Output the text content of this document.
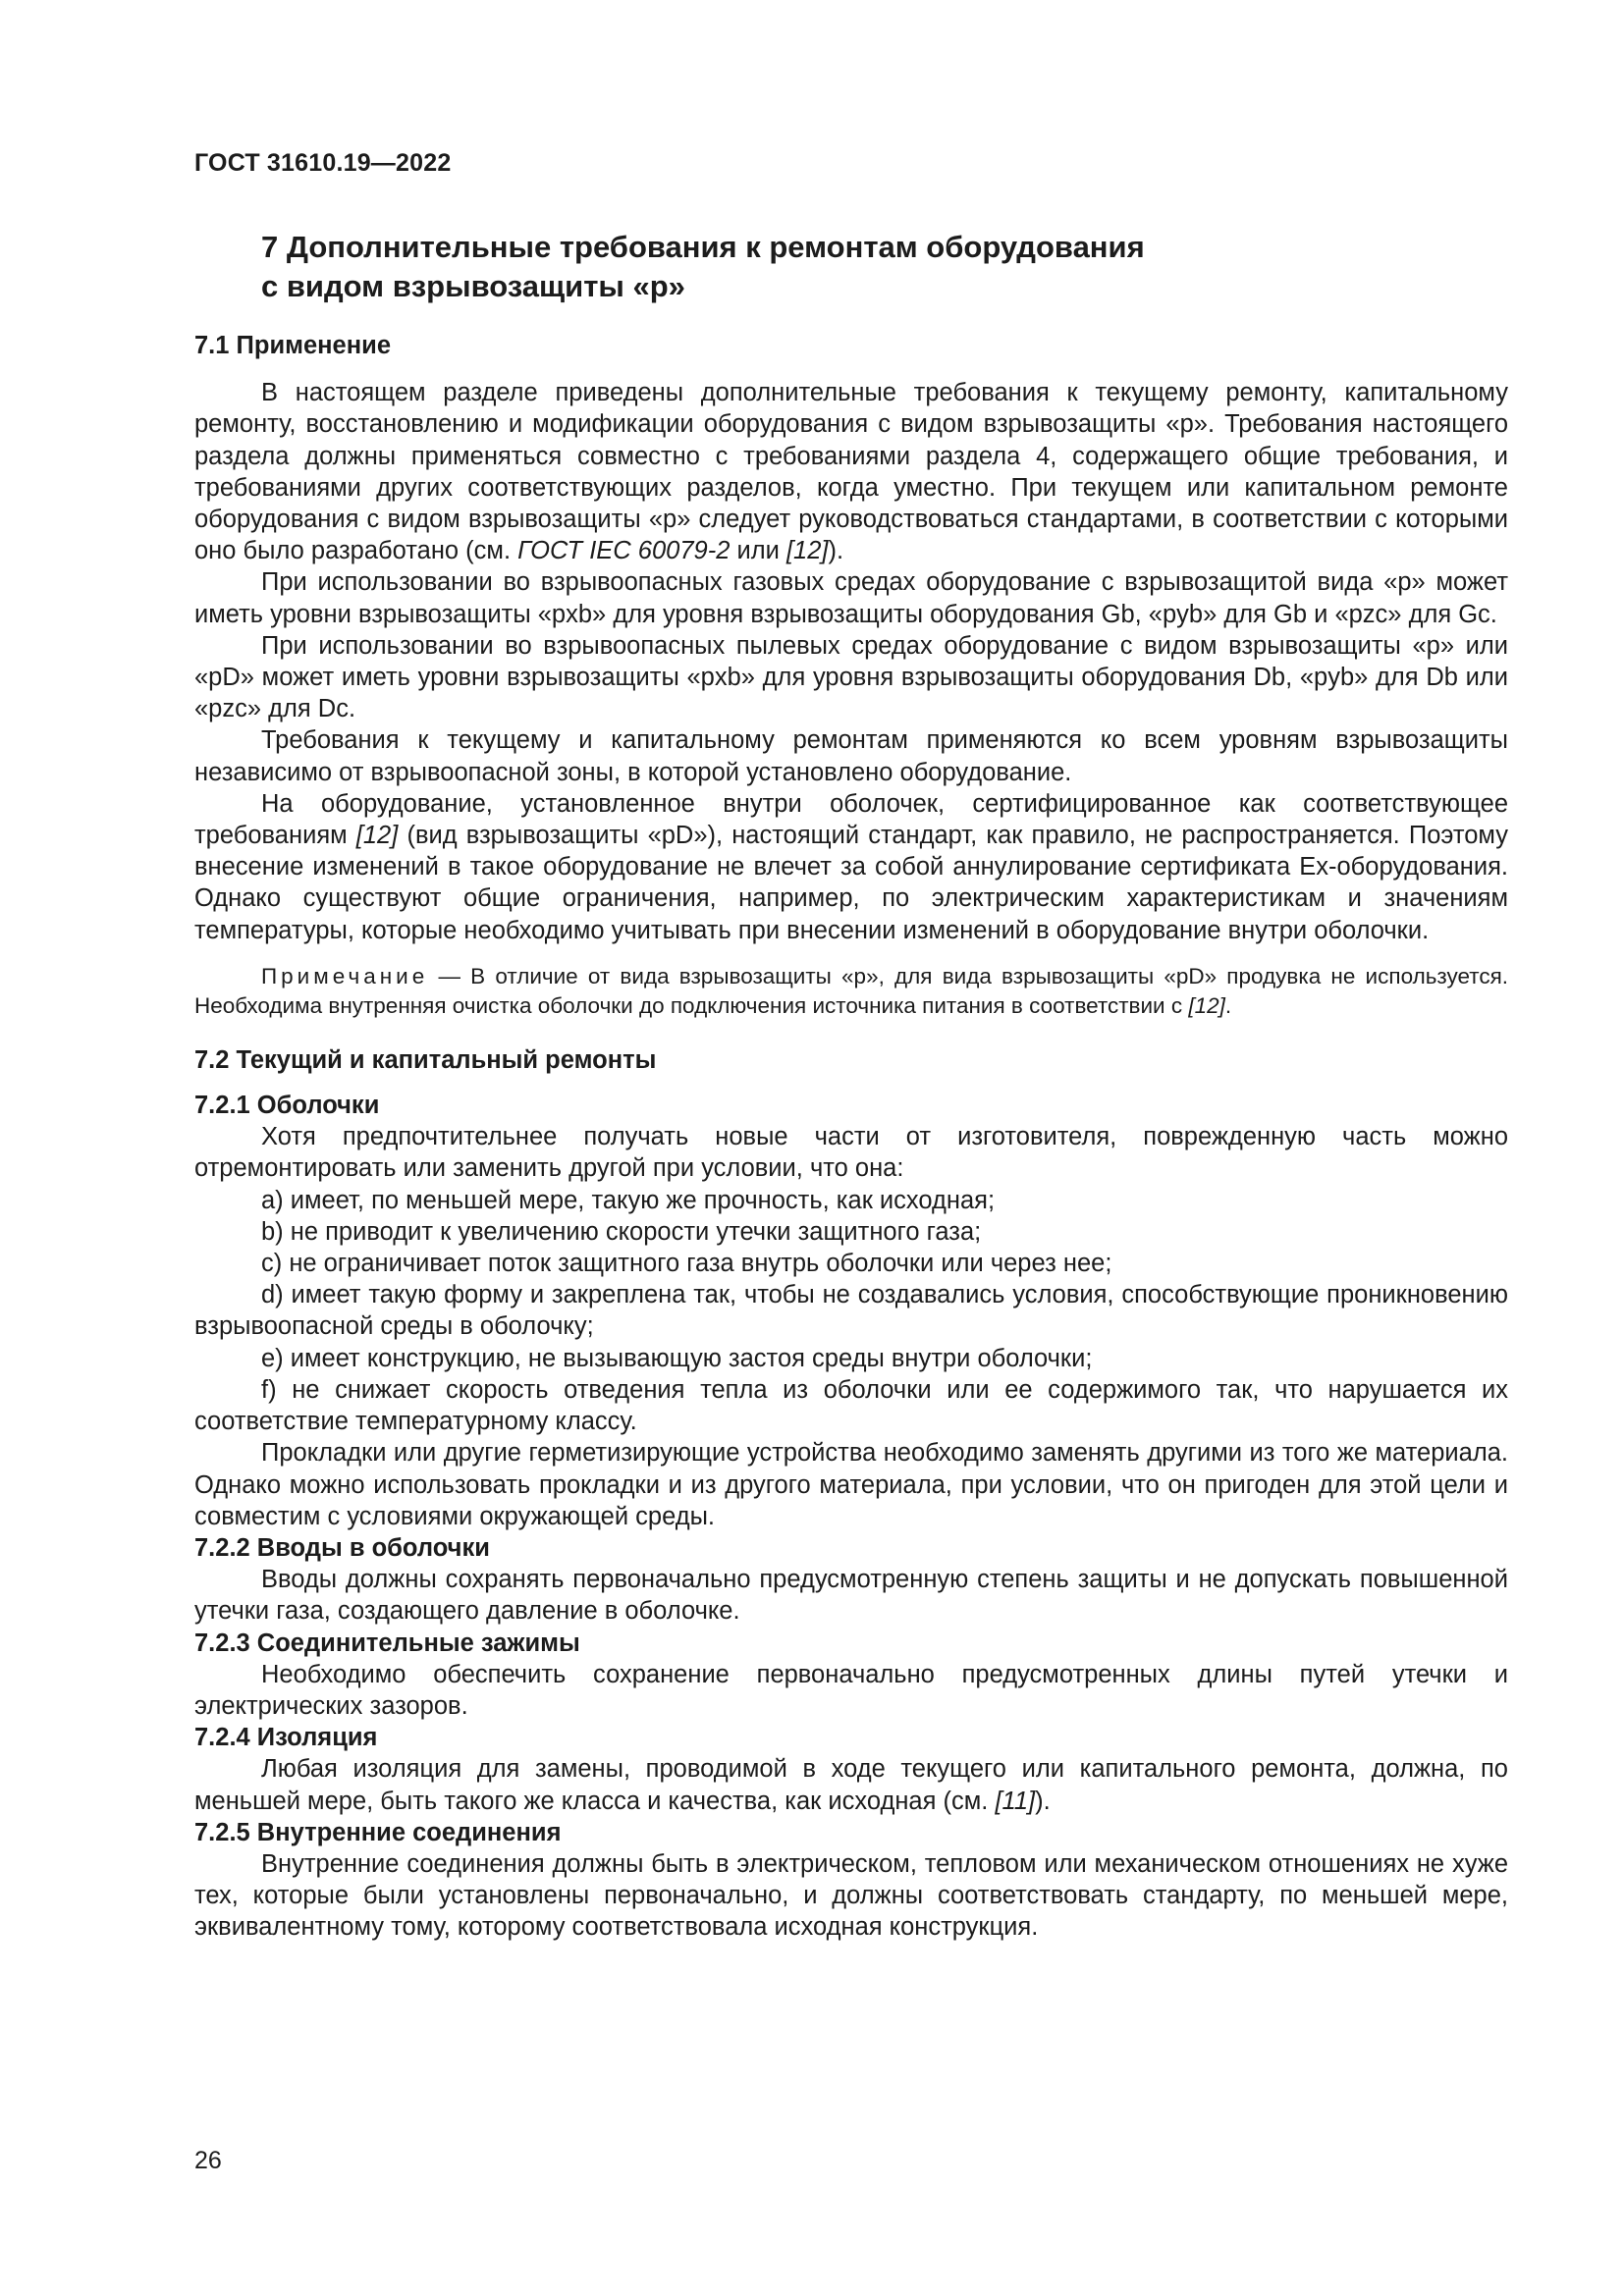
ГОСТ 31610.19—2022
7 Дополнительные требования к ремонтам оборудования
с видом взрывозащиты «р»

7.1 Применение

В настоящем разделе приведены дополнительные требования к текущему ремонту, капитальному ремонту, восстановлению и модификации оборудования с видом взрывозащиты «р». Требования настоящего раздела должны применяться совместно с требованиями раздела 4, содержащего общие требования, и требованиями других соответствующих разделов, когда уместно. При текущем или капитальном ремонте оборудования с видом взрывозащиты «р» следует руководствоваться стандартами, в соответствии с которыми оно было разработано (см. ГОСТ IEC 60079-2 или [12]).

При использовании во взрывоопасных газовых средах оборудование с взрывозащитой вида «р» может иметь уровни взрывозащиты «pxb» для уровня взрывозащиты оборудования Gb, «pyb» для Gb и «pzc» для Gc.

При использовании во взрывоопасных пылевых средах оборудование с видом взрывозащиты «р» или «pD» может иметь уровни взрывозащиты «pxb» для уровня взрывозащиты оборудования Db, «pyb» для Db или «pzc» для Dc.

Требования к текущему и капитальному ремонтам применяются ко всем уровням взрывозащиты независимо от взрывоопасной зоны, в которой установлено оборудование.

На оборудование, установленное внутри оболочек, сертифицированное как соответствующее требованиям [12] (вид взрывозащиты «pD»), настоящий стандарт, как правило, не распространяется. Поэтому внесение изменений в такое оборудование не влечет за собой аннулирование сертификата Ex-оборудования. Однако существуют общие ограничения, например, по электрическим характеристикам и значениям температуры, которые необходимо учитывать при внесении изменений в оборудование внутри оболочки.

Примечание — В отличие от вида взрывозащиты «р», для вида взрывозащиты «pD» продувка не используется. Необходима внутренняя очистка оболочки до подключения источника питания в соответствии с [12].

7.2 Текущий и капитальный ремонты

7.2.1 Оболочки

Хотя предпочтительнее получать новые части от изготовителя, поврежденную часть можно отремонтировать или заменить другой при условии, что она:

a) имеет, по меньшей мере, такую же прочность, как исходная;

b) не приводит к увеличению скорости утечки защитного газа;

c) не ограничивает поток защитного газа внутрь оболочки или через нее;

d) имеет такую форму и закреплена так, чтобы не создавались условия, способствующие проникновению взрывоопасной среды в оболочку;

e) имеет конструкцию, не вызывающую застоя среды внутри оболочки;

f) не снижает скорость отведения тепла из оболочки или ее содержимого так, что нарушается их соответствие температурному классу.

Прокладки или другие герметизирующие устройства необходимо заменять другими из того же материала. Однако можно использовать прокладки и из другого материала, при условии, что он пригоден для этой цели и совместим с условиями окружающей среды.

7.2.2 Вводы в оболочки

Вводы должны сохранять первоначально предусмотренную степень защиты и не допускать повышенной утечки газа, создающего давление в оболочке.

7.2.3 Соединительные зажимы

Необходимо обеспечить сохранение первоначально предусмотренных длины путей утечки и электрических зазоров.

7.2.4 Изоляция

Любая изоляция для замены, проводимой в ходе текущего или капитального ремонта, должна, по меньшей мере, быть такого же класса и качества, как исходная (см. [11]).

7.2.5 Внутренние соединения

Внутренние соединения должны быть в электрическом, тепловом или механическом отношениях не хуже тех, которые были установлены первоначально, и должны соответствовать стандарту, по меньшей мере, эквивалентному тому, которому соответствовала исходная конструкция.

26
